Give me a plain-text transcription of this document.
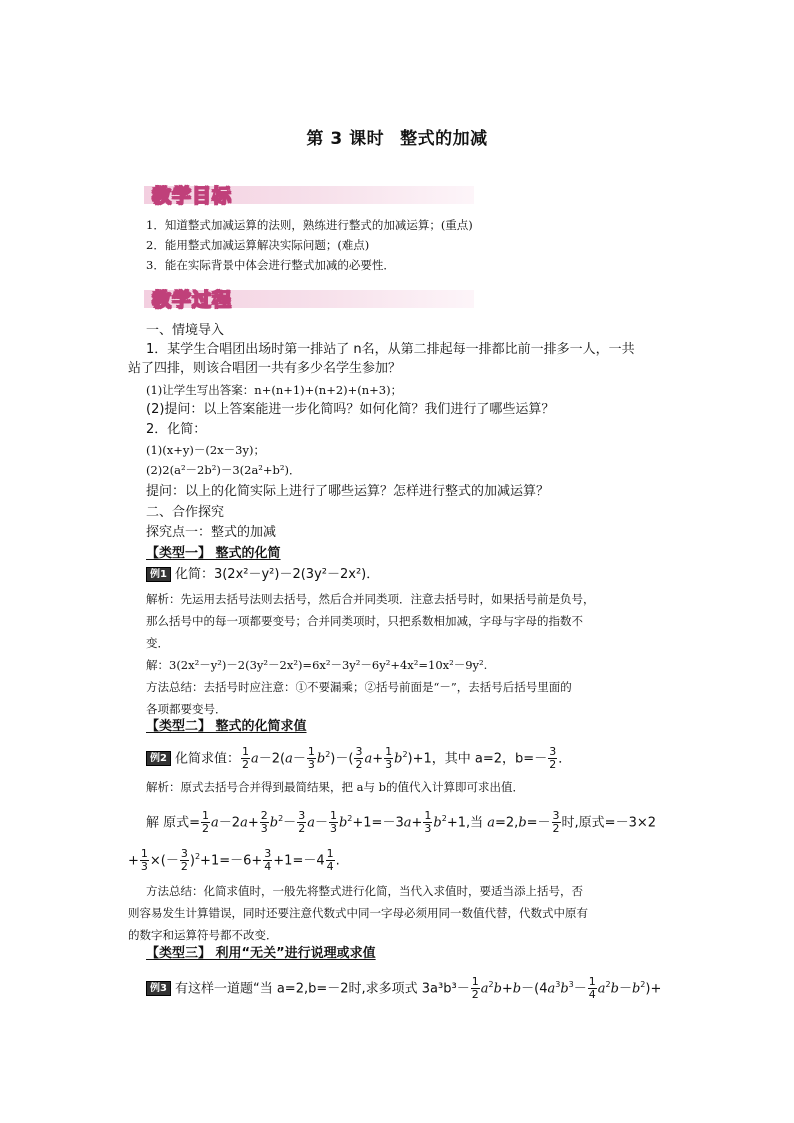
第 3 课时 整式的加减
教学目标
1．知道整式加减运算的法则，熟练进行整式的加减运算；(重点)
2．能用整式加减运算解决实际问题；(难点)
3．能在实际背景中体会进行整式加减的必要性．
教学过程
一、情境导入
1．某学生合唱团出场时第一排站了 n名，从第二排起每一排都比前一排多一人，一共
站了四排，则该合唱团一共有多少名学生参加？
(1)让学生写出答案：n+(n+1)+(n+2)+(n+3)；
(2)提问：以上答案能进一步化简吗？如何化简？我们进行了哪些运算？
2．化简：
(1)(x+y)－(2x－3y)；
(2)2(a²－2b²)－3(2a²+b²)．
提问：以上的化简实际上进行了哪些运算？怎样进行整式的加减运算？
二、合作探究
探究点一：整式的加减
【类型一】 整式的化简
例1 化简：3(2x²－y²)－2(3y²－2x²)．
解析：先运用去括号法则去括号，然后合并同类项．注意去括号时，如果括号前是负号，
那么括号中的每一项都要变号；合并同类项时，只把系数相加减，字母与字母的指数不
变．
解：3(2x²－y²)－2(3y²－2x²)=6x²－3y²－6y²+4x²=10x²－9y².
方法总结：去括号时应注意：①不要漏乘；②括号前面是“－”，去括号后括号里面的
各项都要变号．
【类型二】 整式的化简求值
例2 化简求值： $\frac{1}{2} a-2(a- \frac{1}{3} b^2)-( \frac{3}{2} a+ \frac{1}{3} b^2)+1$，其中 a=2，$b=- \frac{3}{2}$ ．
解析：原式去括号合并得到最简结果，把 a与 b的值代入计算即可求出值．
解 原式= $\frac{1}{2} a-2a+ \frac{2}{3} b^2- \frac{3}{2} a- \frac{1}{3} b^2+1=-3a+ \frac{1}{3} b^2+1$,当 $a=2,b=- \frac{3}{2}$ 时,原式=－3×2
+ $\frac{1}{3}$ ×(－ $\frac{3}{2} )^2+1=-6+ \frac{3}{4} +1=-4 \frac{1}{4}$ .
方法总结：化简求值时，一般先将整式进行化简，当代入求值时，要适当添上括号，否
则容易发生计算错误，同时还要注意代数式中同一字母必须用同一数值代替，代数式中原有
的数字和运算符号都不改变．
【类型三】 利用“无关”进行说理或求值
例3 有这样一道题“当 a=2,b=－2时,求多项式 $3a^3b^3- \frac{1}{2} a^2b+b-(4a^3b^3- \frac{1}{4} a^2b-b^2)+$
